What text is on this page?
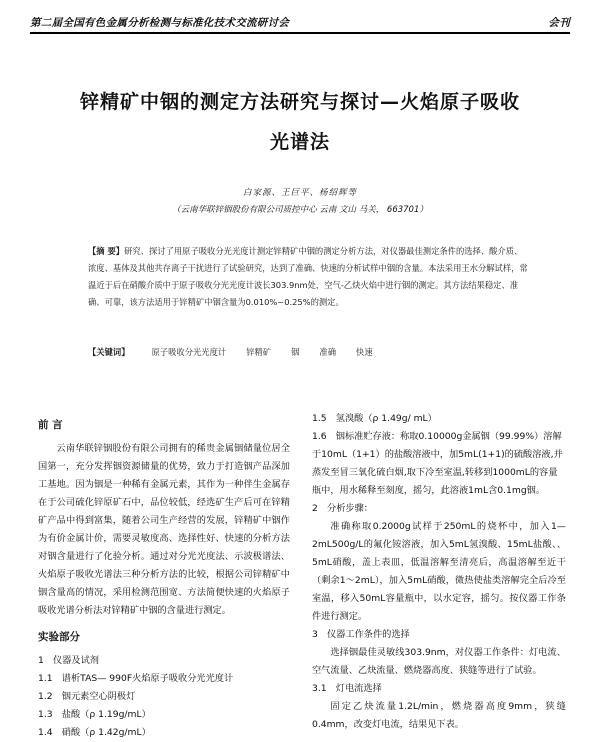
第二届全国有色金属分析检测与标准化技术交流研讨会	会刊
锌精矿中铟的测定方法研究与探讨—火焰原子吸收
光谱法
白家源、王巨平、杨绍辉等
（云南华联锌铟股份有限公司质控中心 云南 文山 马关， 663701）
【摘 要】研究、探讨了用原子吸收分光光度计测定锌精矿中铟的测定分析方法，对仪器最佳测定条件的选择、酸介质、浓度、基体及其他共存离子干扰进行了试验研究，达到了准确、快速的分析试样中铟的含量。本法采用王水分解试样，常温近于后在硝酸介质中于原子吸收分光光度计波长303.9nm处，空气-乙炔火焰中进行铟的测定。其方法结果稳定、准确、可靠，该方法适用于锌精矿中铟含量为0.010%~0.25%的测定。
【关键词】	原子吸收分光光度计 锌精矿 铟 准确 快速
前 言

云南华联锌铟股份有限公司拥有的稀贵金属铟储量位居全国第一，充分发挥铟资源储量的优势，致力于打造铟产品深加工基地。因为铟是一种稀有金属元素，其作为一种伴生金属存在于公司硫化锌原矿石中，品位较低，经选矿生产后可在锌精矿产品中得到富集，随着公司生产经营的发展，锌精矿中铟作为有价金属计价，需要灵敏度高、选择性好、快速的分析方法对铟含量进行了化验分析。通过对分光光度法、示波极谱法、火焰原子吸收光谱法三种分析方法的比较，根据公司锌精矿中铟含量高的情况，采用检测范围宽、方法简便快速的火焰原子吸收光谱分析法对锌精矿中铟的含量进行测定。

实验部分

1　仪器及试剂

1.1　谱析TAS— 990F火焰原子吸收分光光度计

1.2　铟元素空心阴极灯

1.3　盐酸（ρ 1.19g/mL）

1.4　硝酸（ρ 1.42g/mL）

1.5　氢溴酸（ρ 1.49g/ mL）

1.6　铟标准贮存液：称取0.10000g金属铟（99.99%）溶解于10mL（1+1）的盐酸溶液中，加5mL(1+1)的硫酸溶液,并蒸发至冒三氧化硫白烟,取下冷至室温,转移到1000mL的容量瓶中，用水稀释至刻度，摇匀，此溶液1mL含0.1mg铟。

2　分析步骤：

准确称取0.2000g试样于250mL的烧杯中，加入1—2mL500g/L的氟化铵溶液，加入5mL氢溴酸、15mL盐酸、、5mL硝酸，盖上表皿，低温溶解至清亮后，高温溶解至近干（剩余1～2mL），加入5mL硝酸，微热使盐类溶解完全后冷至室温，移入50mL容量瓶中，以水定容，摇匀。按仪器工作条件进行测定。

3　仪器工作条件的选择

选择铟最佳灵敏线303.9nm，对仪器工作条件：灯电流、空气流量、乙炔流量、燃烧器高度、狭缝等进行了试验。

3.1　灯电流选择

固定乙炔流量1.2L/min，燃烧器高度9mm，狭缝0.4mm，改变灯电流，结果见下表。
